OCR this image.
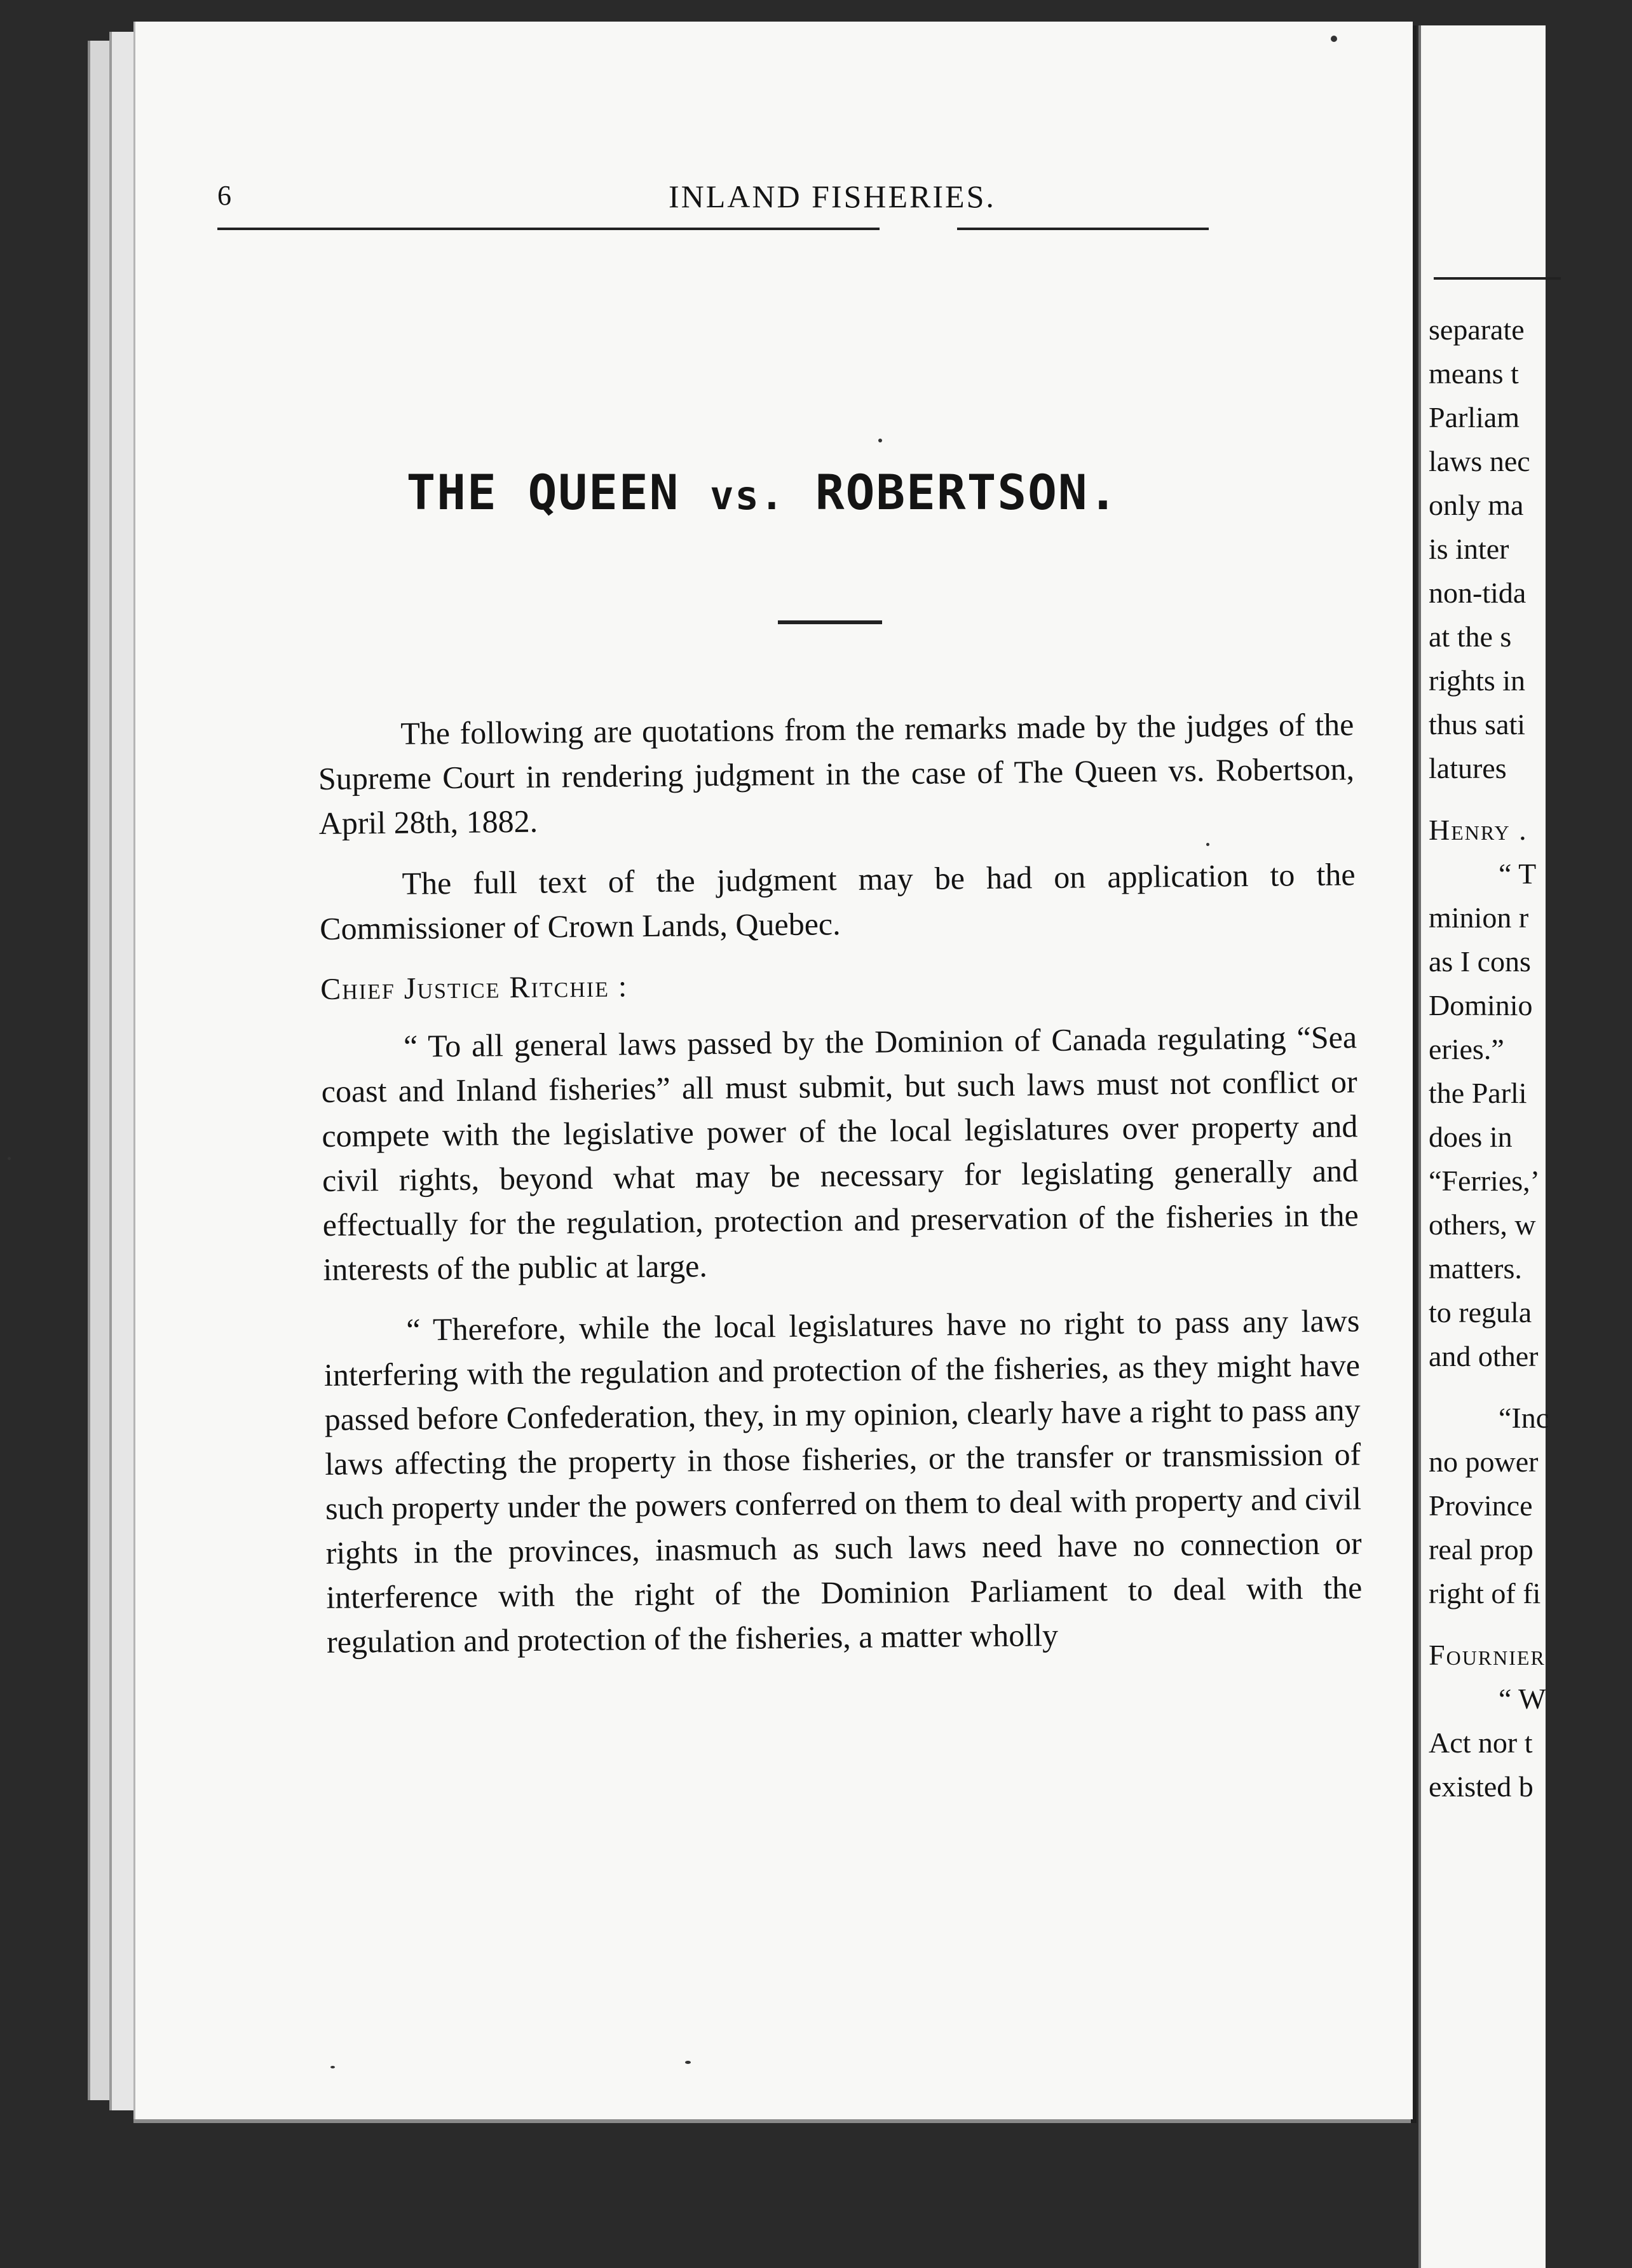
6	INLAND FISHERIES.
THE QUEEN vs. ROBERTSON.

The following are quotations from the remarks made by the judges of the Supreme Court in rendering judgment in the case of The Queen vs. Robertson, April 28th, 1882.

The full text of the judgment may be had on application to the Commissioner of Crown Lands, Quebec.

Chief Justice Ritchie :

“ To all general laws passed by the Dominion of Canada regulating “Sea coast and Inland fisheries” all must submit, but such laws must not conflict or compete with the legislative power of the local legislatures over property and civil rights, beyond what may be necessary for legislating generally and effectually for the regulation, protection and preservation of the fisheries in the interests of the public at large.

“ Therefore, while the local legislatures have no right to pass any laws interfering with the regulation and protection of the fisheries, as they might have passed before Confederation, they, in my opinion, clearly have a right to pass any laws affecting the property in those fisheries, or the transfer or transmission of such property under the powers conferred on them to deal with property and civil rights in the provinces, inasmuch as such laws need have no connection or interference with the right of the Dominion Parliament to deal with the regulation and protection of the fisheries, a matter wholly

separate
means t
Parliam
laws nec
only ma
is inter
non-tida
at the s
rights in
thus sati
latures
Henry .
“ T
minion r
as I cons
Dominio
eries.”
the Parli
does in
“Ferries,’
others, w
matters.
to regula
and other
“Inc
no power
Province
real prop
right of fi
Fournier
“ W
Act nor t
existed b
